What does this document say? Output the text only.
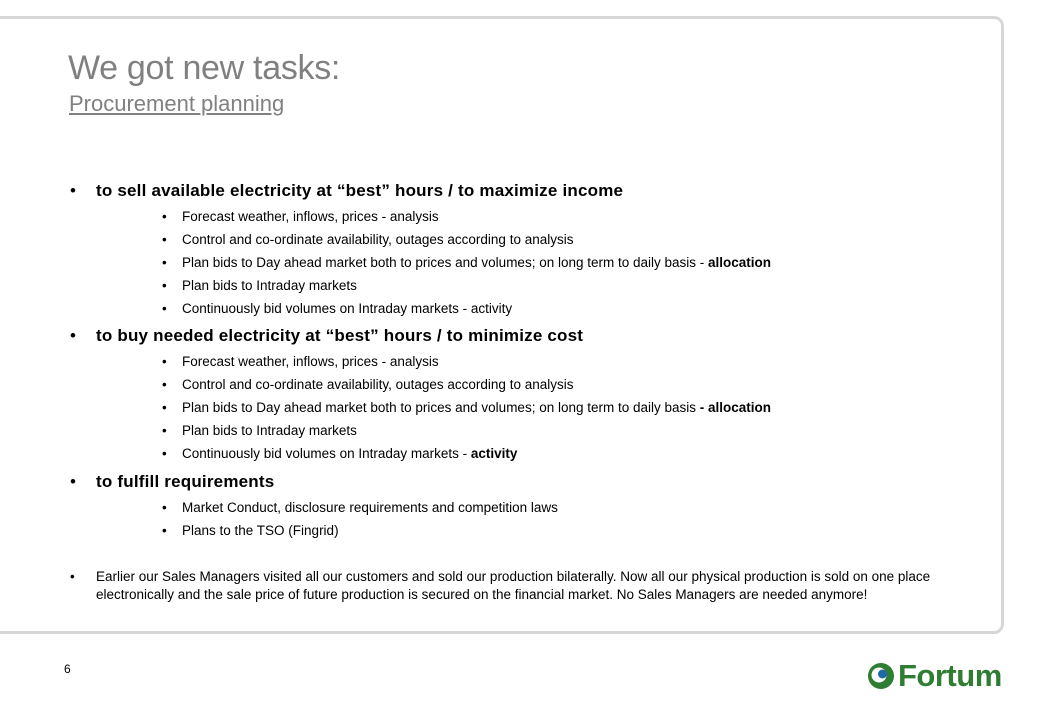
We got new tasks:
Procurement planning
• to sell available electricity at “best” hours / to maximize income
• Forecast weather, inflows, prices - analysis
• Control and co-ordinate availability, outages according to analysis
• Plan bids to Day ahead market both to prices and volumes; on long term to daily basis - allocation
• Plan bids to Intraday markets
• Continuously bid volumes on Intraday markets - activity
• to buy needed electricity at “best” hours / to minimize cost
• Forecast weather, inflows, prices - analysis
• Control and co-ordinate availability, outages according to analysis
• Plan bids to Day ahead market both to prices and volumes; on long term to daily basis - allocation
• Plan bids to Intraday markets
• Continuously bid volumes on Intraday markets - activity
• to fulfill requirements
• Market Conduct, disclosure requirements and competition laws
• Plans to the TSO (Fingrid)
• Earlier our Sales Managers visited all our customers and sold our production bilaterally. Now all our physical production is sold on one place electronically and the sale price of future production is secured on the financial market. No Sales Managers are needed anymore!
6	Fortum
